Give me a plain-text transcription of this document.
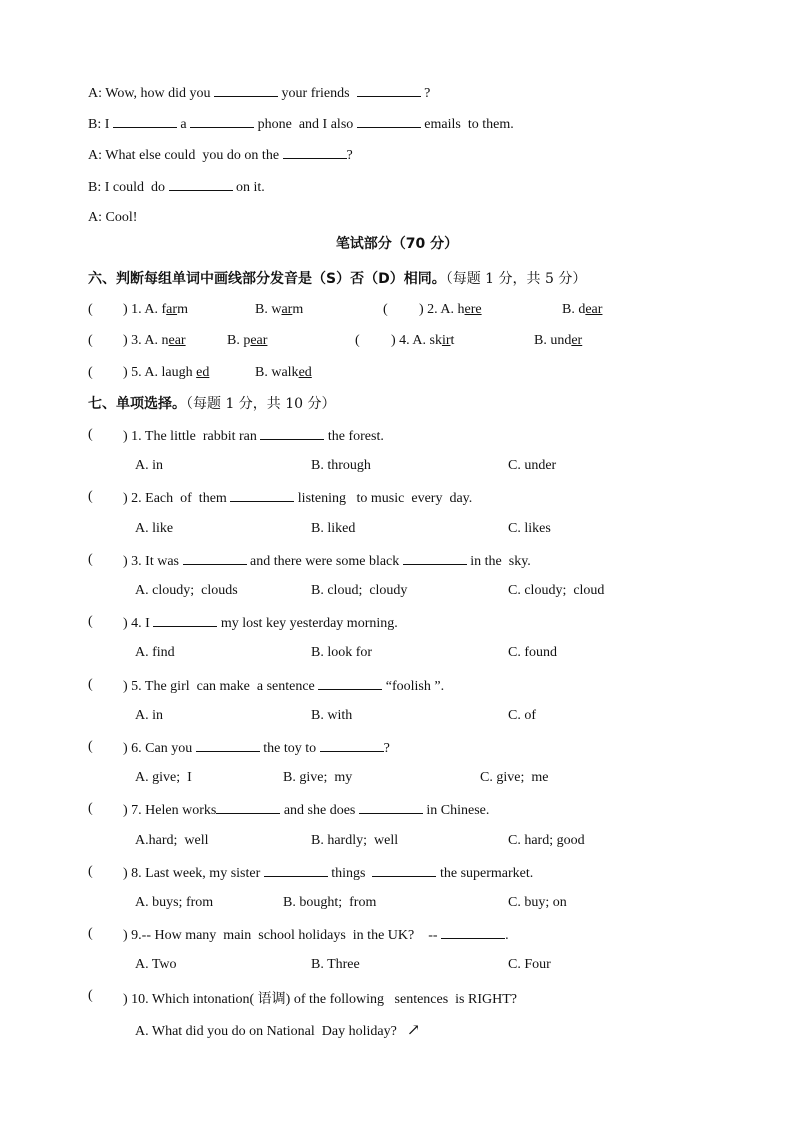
A: Wow, how did you	your friends	?
B: I	a	phone  and I also	emails  to them.
A: What else could  you do on the	?
B: I could  do	on it.
A: Cool!
笔试部分（70 分）
六、判断每组单词中画线部分发音是（S）否（D）相同。（每题 1 分，共 5 分）
( ) 1. A. farm	B. warm	( ) 2. A. here	B. dear
( ) 3. A. near	B. pear	( ) 4. A. skirt	B. under
( ) 5. A. laugh ed	B. walked
七、单项选择。（每题 1 分，共 10 分）
( ) 1. The little  rabbit ran	the forest.
A. in	B. through	C. under
( ) 2. Each  of  them	listening   to music  every  day.
A. like	B. liked	C. likes
( ) 3. It was	and there were some black	in the  sky.
A. cloudy;  clouds	B. cloud;  cloudy	C. cloudy;  cloud
( ) 4. I	my lost key yesterday morning.
A. find	B. look for	C. found
( ) 5. The girl  can make  a sentence	“foolish ”.
A. in	B. with	C. of
( ) 6. Can you	the toy to	?
A. give;  I	B. give;  my	C. give;  me
( ) 7. Helen works	and she does	in Chinese.
A.hard;  well	B. hardly;  well	C. hard; good
( ) 8. Last week, my sister	things	the supermarket.
A. buys; from	B. bought;  from	C. buy; on
( ) 9.-- How many  main  school holidays  in the UK?    --	.
A. Two	B. Three	C. Four
( ) 10. Which intonation( 语调) of the following   sentences  is RIGHT?
A. What did you do on National  Day holiday? ↗
